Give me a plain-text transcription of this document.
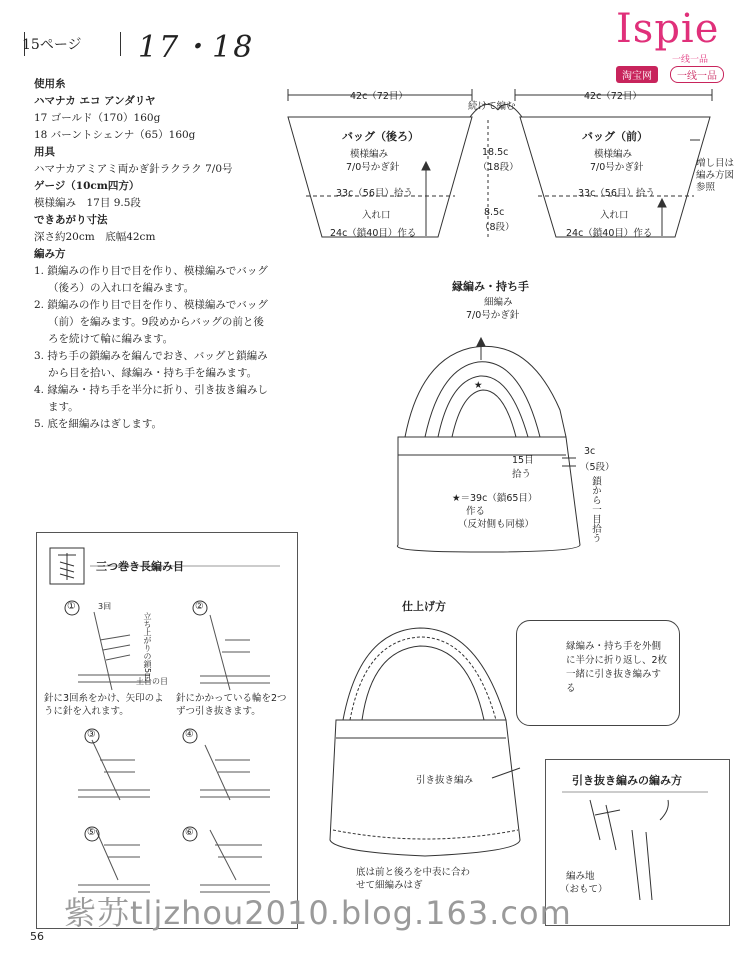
15ページ 17・18	Ispie
一线一品
淘宝网	一线一品
使用糸
ハマナカ エコ アンダリヤ
17 ゴールド（170）160g
18 バーントシェンナ（65）160g
用具
ハマナカアミアミ両かぎ針ラクラク 7/0号
ゲージ（10cm四方）
模様編み　17目 9.5段
できあがり寸法
深さ約20cm　底幅42cm
編み方
1. 鎖編みの作り目で目を作り、模様編みでバッグ（後ろ）の入れ口を編みます。
2. 鎖編みの作り目で目を作り、模様編みでバッグ（前）を編みます。9段めからバッグの前と後ろを続けて輪に編みます。
3. 持ち手の鎖編みを編んでおき、バッグと鎖編みから目を拾い、縁編み・持ち手を編みます。
4. 縁編み・持ち手を半分に折り、引き抜き編みします。
5. 底を細編みはぎします。
42c（72目）	42c（72目）
続けて編む
バッグ（後ろ）
模様編み
7/0号かぎ針
33c（56目）拾う
入れ口
24c（鎖40目）作る
18.5c
（18段）
8.5c
（8段）
バッグ（前）
模様編み
7/0号かぎ針
33c（56目）拾う
入れ口
24c（鎖40目）作る
増し目は編み方図参照
縁編み・持ち手
細編み
7/0号かぎ針
★
15目拾う
3c
（5段）
鎖から一目拾う
★＝39c（鎖65目）
作る
（反対側も同様）
仕上げ方
縁編み・持ち手を外側に半分に折り返し、2枚一緒に引き抜き編みする
引き抜き編み
底は前と後ろを中表に合わせて細編みはぎ
三つ巻き長編み目
①	②
③	④
⑤	⑥
3回
立ち上がりの鎖5目
土台の目
針に3回糸をかけ、矢印のように針を入れます。
針にかかっている輪を2つずつ引き抜きます。
引き抜き編みの編み方
編み地
（おもて）
紫苏tljzhou2010.blog.163.com
56
